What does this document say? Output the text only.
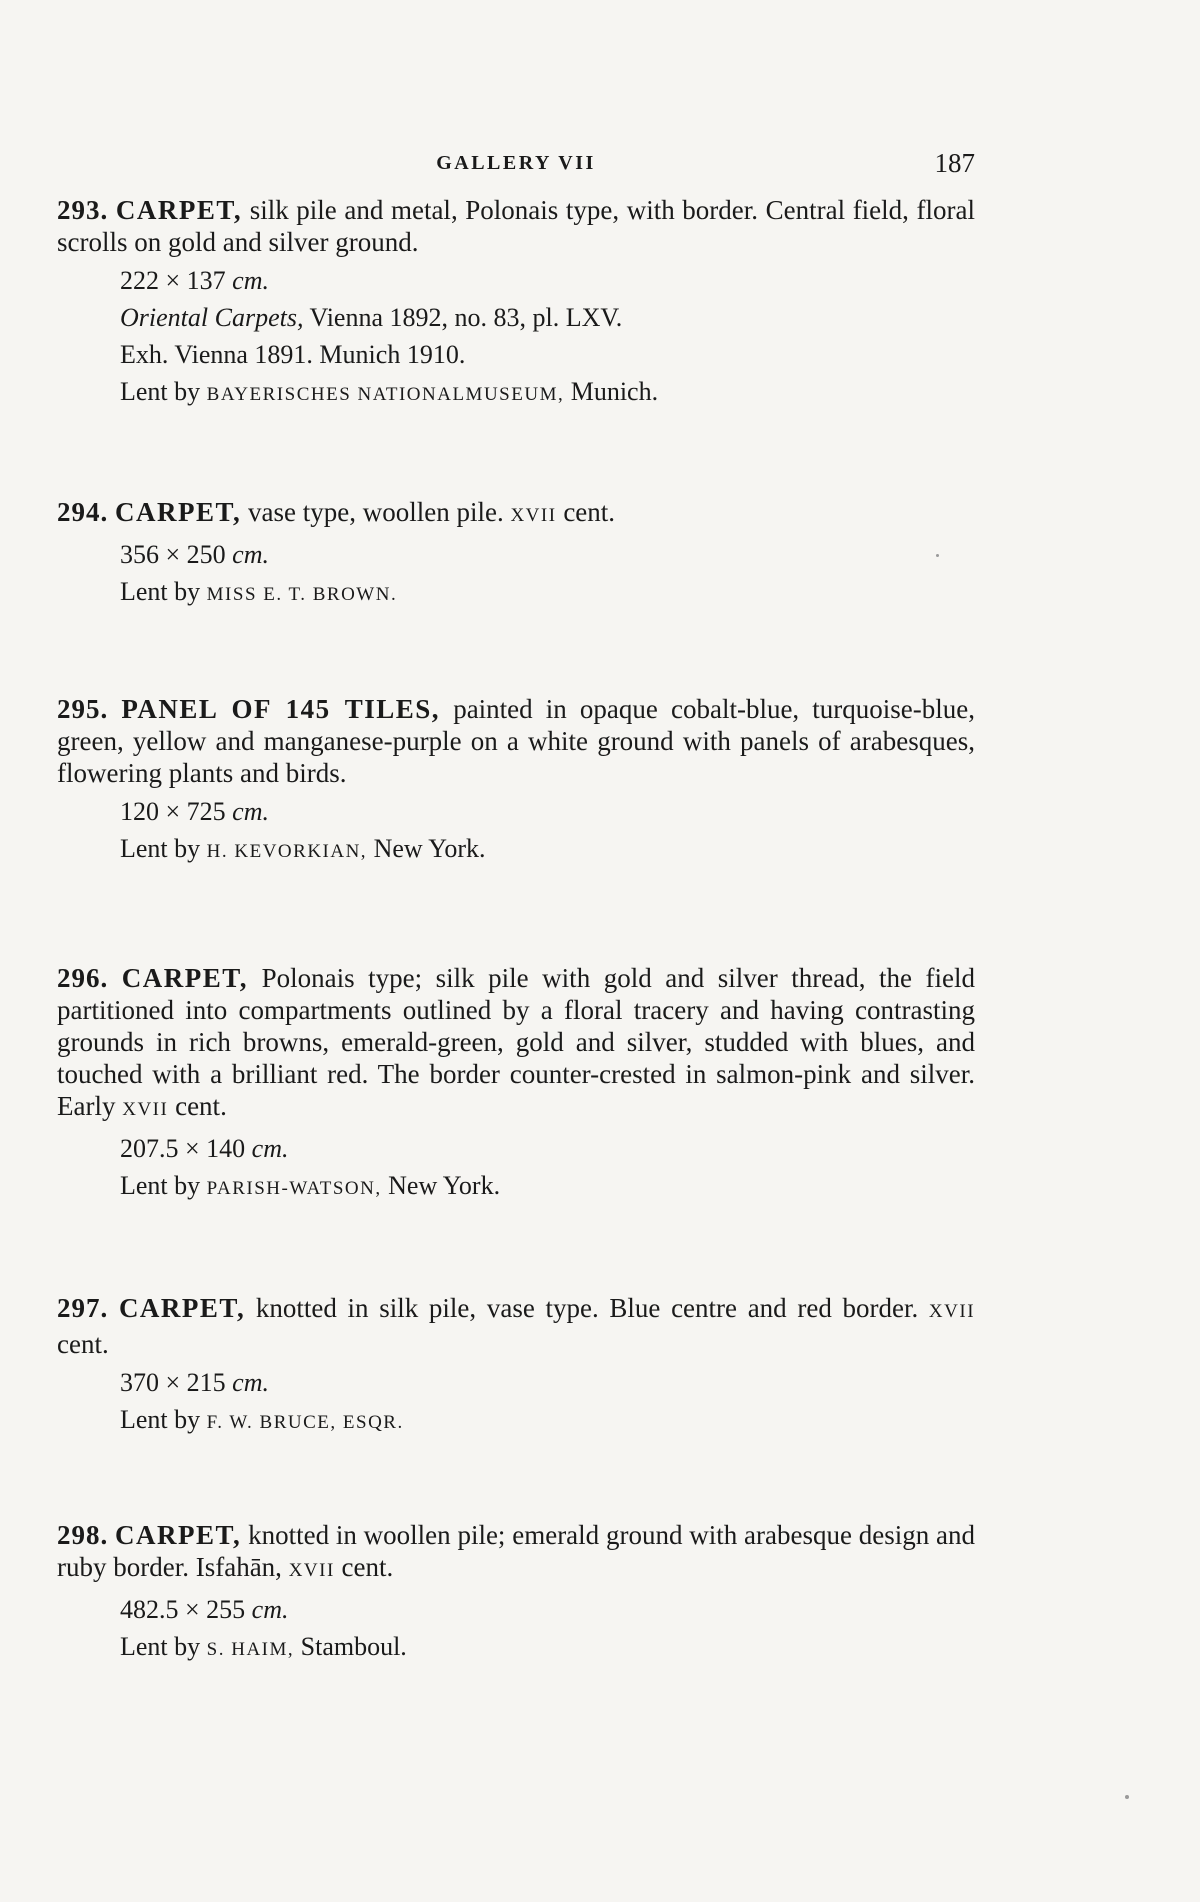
GALLERY VII	187
293. CARPET, silk pile and metal, Polonais type, with border. Central field, floral scrolls on gold and silver ground.
222 × 137 cm.
Oriental Carpets, Vienna 1892, no. 83, pl. LXV.
Exh. Vienna 1891. Munich 1910.
Lent by BAYERISCHES NATIONALMUSEUM, Munich.
294. CARPET, vase type, woollen pile. XVII cent.
356 × 250 cm.
Lent by MISS E. T. BROWN.
295. PANEL OF 145 TILES, painted in opaque cobalt-blue, turquoise-blue, green, yellow and manganese-purple on a white ground with panels of arabesques, flowering plants and birds.
120 × 725 cm.
Lent by H. KEVORKIAN, New York.
296. CARPET, Polonais type; silk pile with gold and silver thread, the field partitioned into compartments outlined by a floral tracery and having contrasting grounds in rich browns, emerald-green, gold and silver, studded with blues, and touched with a brilliant red. The border counter-crested in salmon-pink and silver. Early XVII cent.
207.5 × 140 cm.
Lent by PARISH-WATSON, New York.
297. CARPET, knotted in silk pile, vase type. Blue centre and red border. XVII cent.
370 × 215 cm.
Lent by F. W. BRUCE, ESQR.
298. CARPET, knotted in woollen pile; emerald ground with arabesque design and ruby border. Isfahān, XVII cent.
482.5 × 255 cm.
Lent by S. HAIM, Stamboul.
